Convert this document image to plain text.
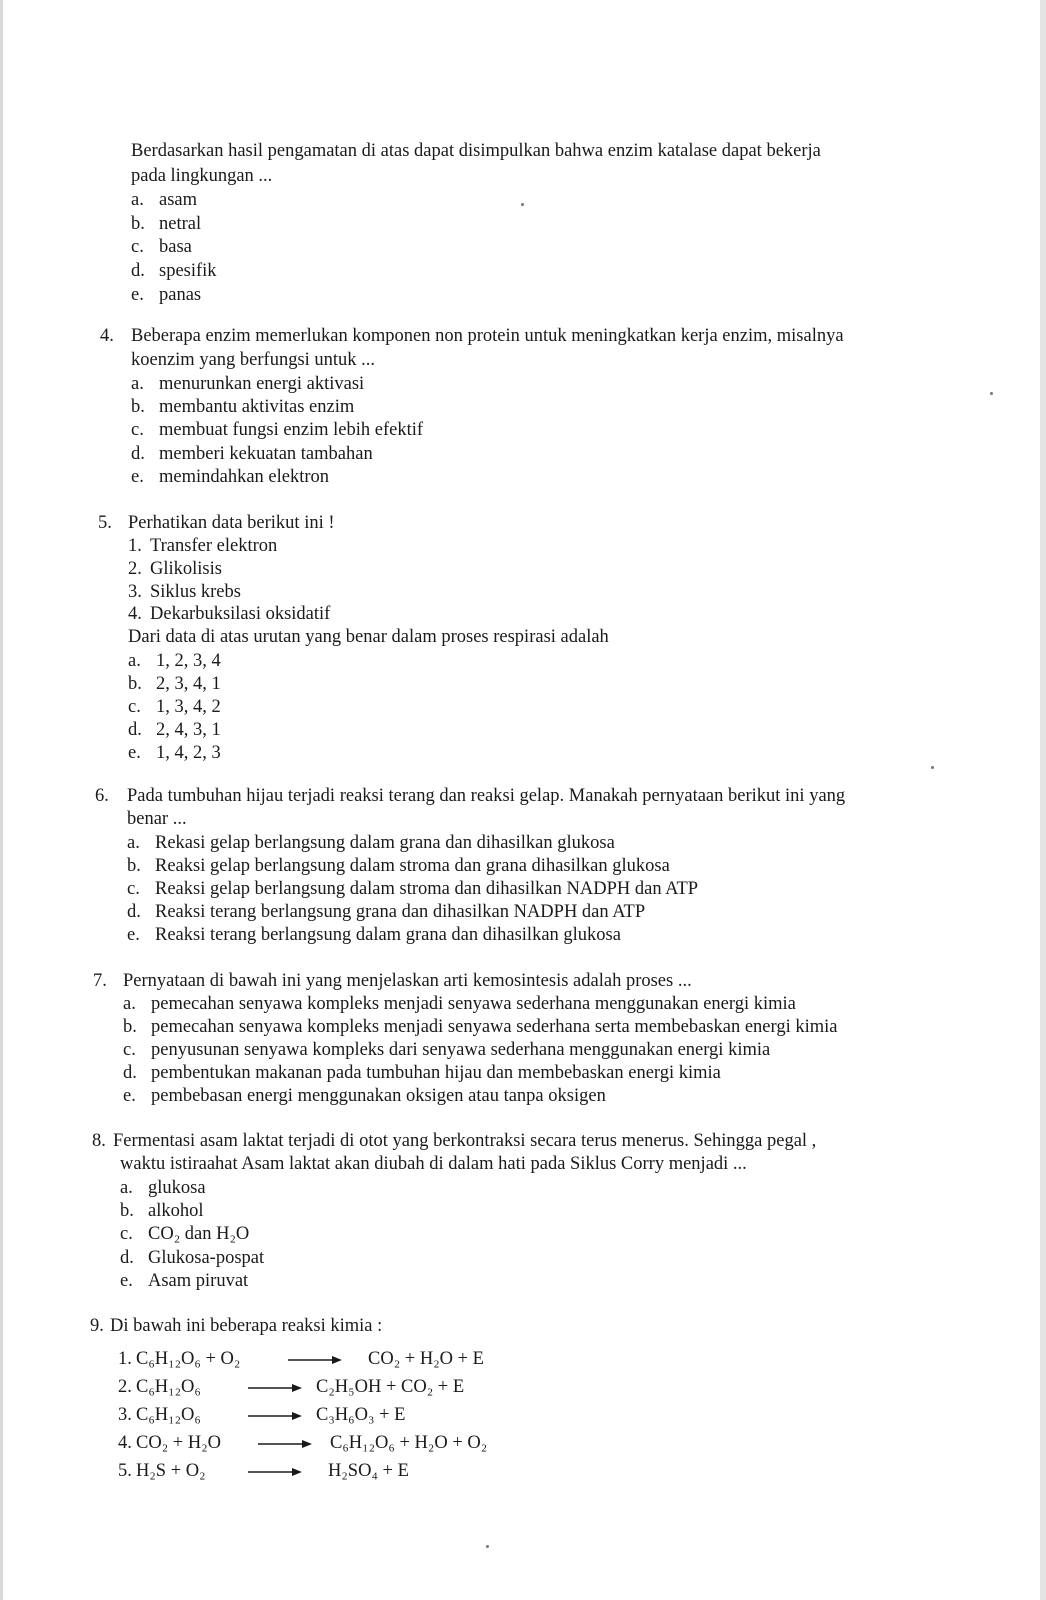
Berdasarkan hasil pengamatan di atas dapat disimpulkan bahwa enzim katalase dapat bekerja
pada lingkungan ...
a. asam
b. netral
c. basa
d. spesifik
e. panas
4. Beberapa enzim memerlukan komponen non protein untuk meningkatkan kerja enzim, misalnya
koenzim yang berfungsi untuk ...
a. menurunkan energi aktivasi
b. membantu aktivitas enzim
c. membuat fungsi enzim lebih efektif
d. memberi kekuatan tambahan
e. memindahkan elektron
5. Perhatikan data berikut ini !
1. Transfer elektron
2. Glikolisis
3. Siklus krebs
4. Dekarbuksilasi oksidatif
Dari data di atas urutan yang benar dalam proses respirasi adalah
a. 1, 2, 3, 4
b. 2, 3, 4, 1
c. 1, 3, 4, 2
d. 2, 4, 3, 1
e. 1, 4, 2, 3
6. Pada tumbuhan hijau terjadi reaksi terang dan reaksi gelap. Manakah pernyataan berikut ini yang
benar ...
a. Rekasi gelap berlangsung dalam grana dan dihasilkan glukosa
b. Reaksi gelap berlangsung dalam stroma dan grana dihasilkan glukosa
c. Reaksi gelap berlangsung dalam stroma dan dihasilkan NADPH dan ATP
d. Reaksi terang berlangsung grana dan dihasilkan NADPH dan ATP
e. Reaksi terang berlangsung dalam grana dan dihasilkan glukosa
7. Pernyataan di bawah ini yang menjelaskan arti kemosintesis adalah proses ...
a. pemecahan senyawa kompleks menjadi senyawa sederhana menggunakan energi kimia
b. pemecahan senyawa kompleks menjadi senyawa sederhana serta membebaskan energi kimia
c. penyusunan senyawa kompleks dari senyawa sederhana menggunakan energi kimia
d. pembentukan makanan pada tumbuhan hijau dan membebaskan energi kimia
e. pembebasan energi menggunakan oksigen atau tanpa oksigen
8. Fermentasi asam laktat terjadi di otot yang berkontraksi secara terus menerus. Sehingga pegal ,
waktu istiraahat Asam laktat akan diubah di dalam hati pada Siklus Corry menjadi ...
a. glukosa
b. alkohol
c. CO₂ dan H₂O
d. Glukosa-pospat
e. Asam piruvat
9. Di bawah ini beberapa reaksi kimia :
1. C₆H₁₂O₆ + O₂	→ CO₂ + H₂O + E
2. C₆H₁₂O₆	→ C₂H₅OH + CO₂ + E
3. C₆H₁₂O₆	→ C₃H₆O₃ + E
4. CO₂ + H₂O → C₆H₁₂O₆ + H₂O + O₂
5. H₂S + O₂ → H₂SO₄ + E
